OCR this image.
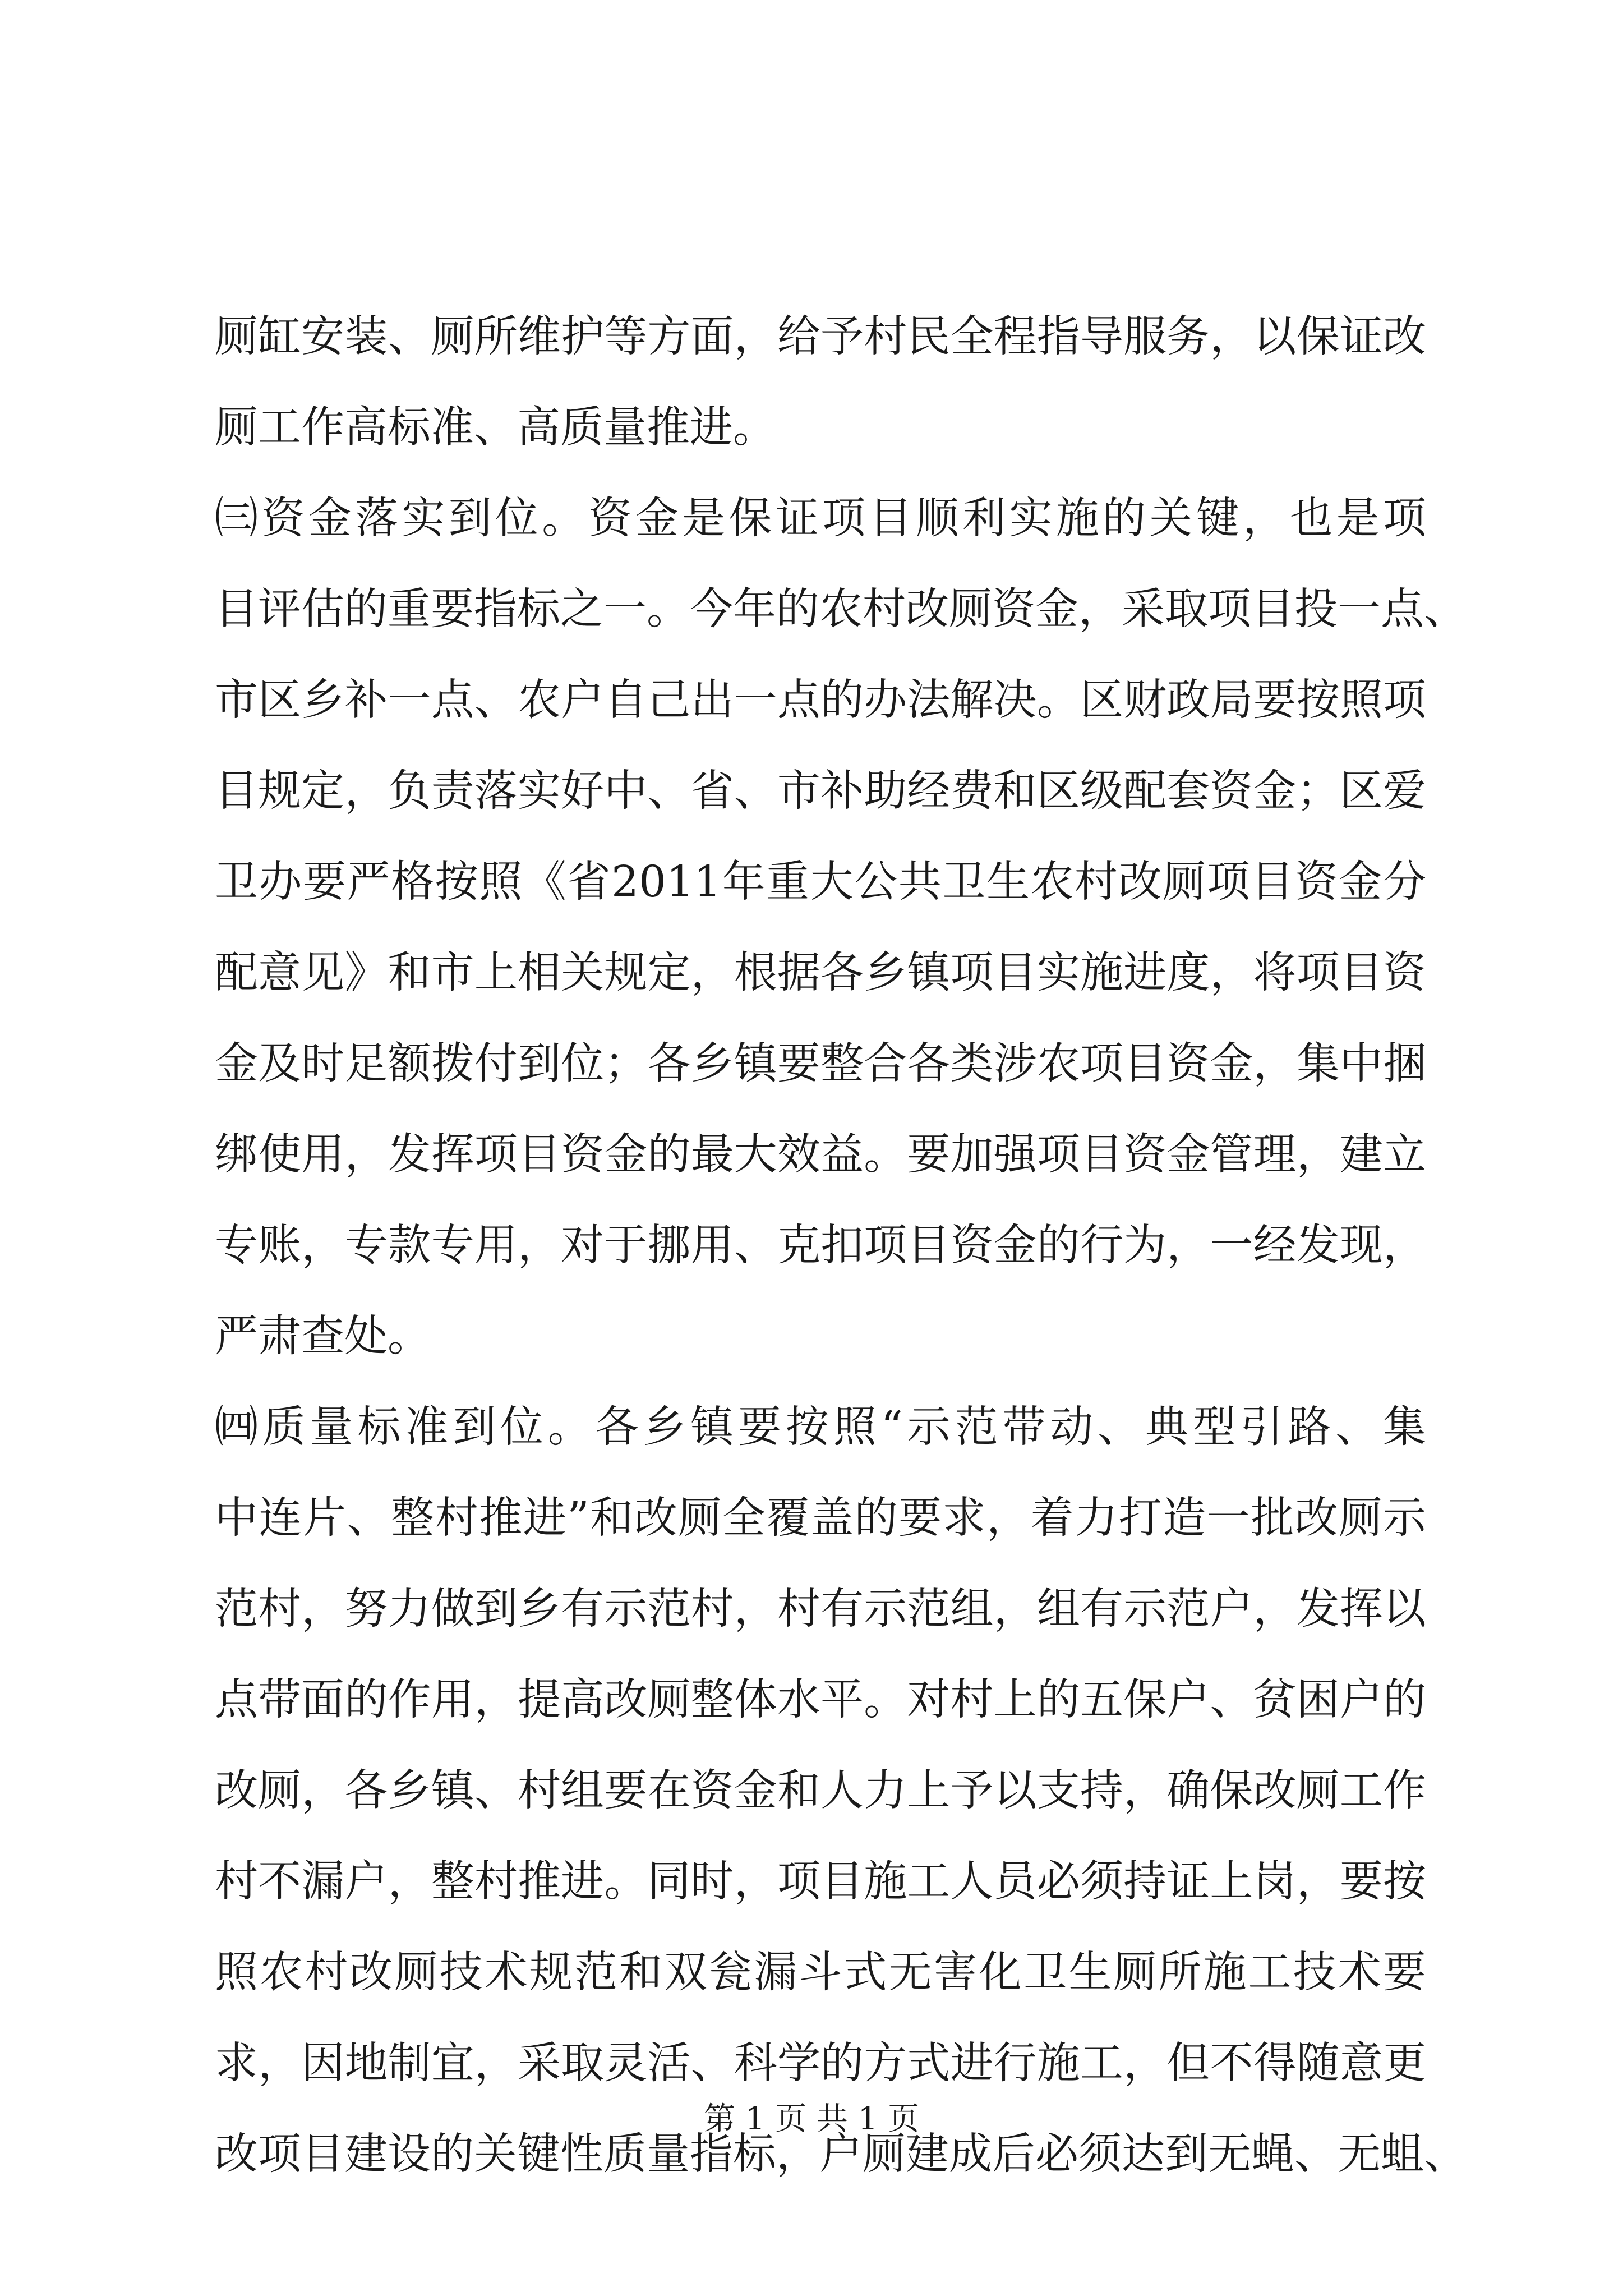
厕缸安装、厕所维护等方面，给予村民全程指导服务，以保证改
厕工作高标准、高质量推进。
㈢资金落实到位。资金是保证项目顺利实施的关键，也是项
目评估的重要指标之一。今年的农村改厕资金，采取项目投一点、
市区乡补一点、农户自己出一点的办法解决。区财政局要按照项
目规定，负责落实好中、省、市补助经费和区级配套资金；区爱
卫办要严格按照《省2011年重大公共卫生农村改厕项目资金分
配意见》和市上相关规定，根据各乡镇项目实施进度，将项目资
金及时足额拨付到位；各乡镇要整合各类涉农项目资金，集中捆
绑使用，发挥项目资金的最大效益。要加强项目资金管理，建立
专账，专款专用，对于挪用、克扣项目资金的行为，一经发现，
严肃查处。
㈣质量标准到位。各乡镇要按照“示范带动、典型引路、集
中连片、整村推进”和改厕全覆盖的要求，着力打造一批改厕示
范村，努力做到乡有示范村，村有示范组，组有示范户，发挥以
点带面的作用，提高改厕整体水平。对村上的五保户、贫困户的
改厕，各乡镇、村组要在资金和人力上予以支持，确保改厕工作
村不漏户，整村推进。同时，项目施工人员必须持证上岗，要按
照农村改厕技术规范和双瓮漏斗式无害化卫生厕所施工技术要
求，因地制宜，采取灵活、科学的方式进行施工，但不得随意更
改项目建设的关键性质量指标，户厕建成后必须达到无蝇、无蛆、
第 1 页 共 1 页
